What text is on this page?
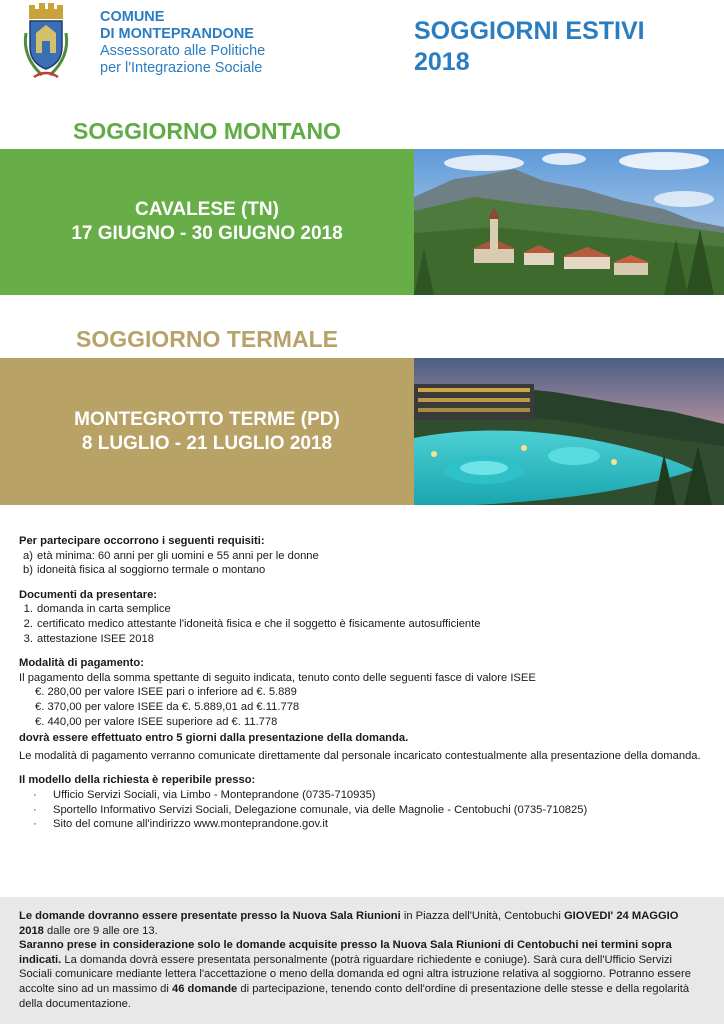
COMUNE
DI MONTEPRANDONE
Assessorato alle Politiche
per l'Integrazione Sociale
SOGGIORNI ESTIVI
2018
SOGGIORNO MONTANO
CAVALESE (TN)
17 GIUGNO - 30 GIUGNO 2018
SOGGIORNO TERMALE
MONTEGROTTO TERME (PD)
8 LUGLIO - 21 LUGLIO 2018
Per partecipare occorrono i seguenti requisiti:
a) età minima: 60 anni per gli uomini e 55 anni per le donne
b) idoneità fisica al soggiorno termale o montano
Documenti da presentare:
1. domanda in carta semplice
2. certificato medico attestante l'idoneità fisica e che il soggetto è fisicamente autosufficiente
3. attestazione ISEE 2018
Modalità di pagamento:

Il pagamento della somma spettante di seguito indicata, tenuto conto delle seguenti fasce di valore ISEE

€. 280,00 per valore ISEE pari o inferiore ad €. 5.889
€. 370,00 per valore ISEE da €. 5.889,01 ad €.11.778
€. 440,00 per valore ISEE superiore ad €. 11.778

dovrà essere effettuato entro 5 giorni dalla presentazione della domanda.

Le modalità di pagamento verranno comunicate direttamente dal personale incaricato contestualmente alla presentazione della domanda.

Il modello della richiesta è reperibile presso:
·	Ufficio Servizi Sociali, via Limbo - Monteprandone (0735-710935)
·	Sportello Informativo Servizi Sociali, Delegazione comunale, via delle Magnolie - Centobuchi (0735-710825)
·	Sito del comune all'indirizzo www.monteprandone.gov.it

Le domande dovranno essere presentate presso la Nuova Sala Riunioni in Piazza dell'Unità, Centobuchi GIOVEDI' 24 MAGGIO 2018 dalle ore 9 alle ore 13.

Saranno prese in considerazione solo le domande acquisite presso la Nuova Sala Riunioni di Centobuchi nei termini sopra indicati. La domanda dovrà essere presentata personalmente (potrà riguardare richiedente e coniuge). Sarà cura dell'Ufficio Servizi Sociali comunicare mediante lettera l'accettazione o meno della domanda ed ogni altra istruzione relativa al soggiorno. Potranno essere accolte sino ad un massimo di 46 domande di partecipazione, tenendo conto dell'ordine di presentazione delle stesse e della regolarità della documentazione.
